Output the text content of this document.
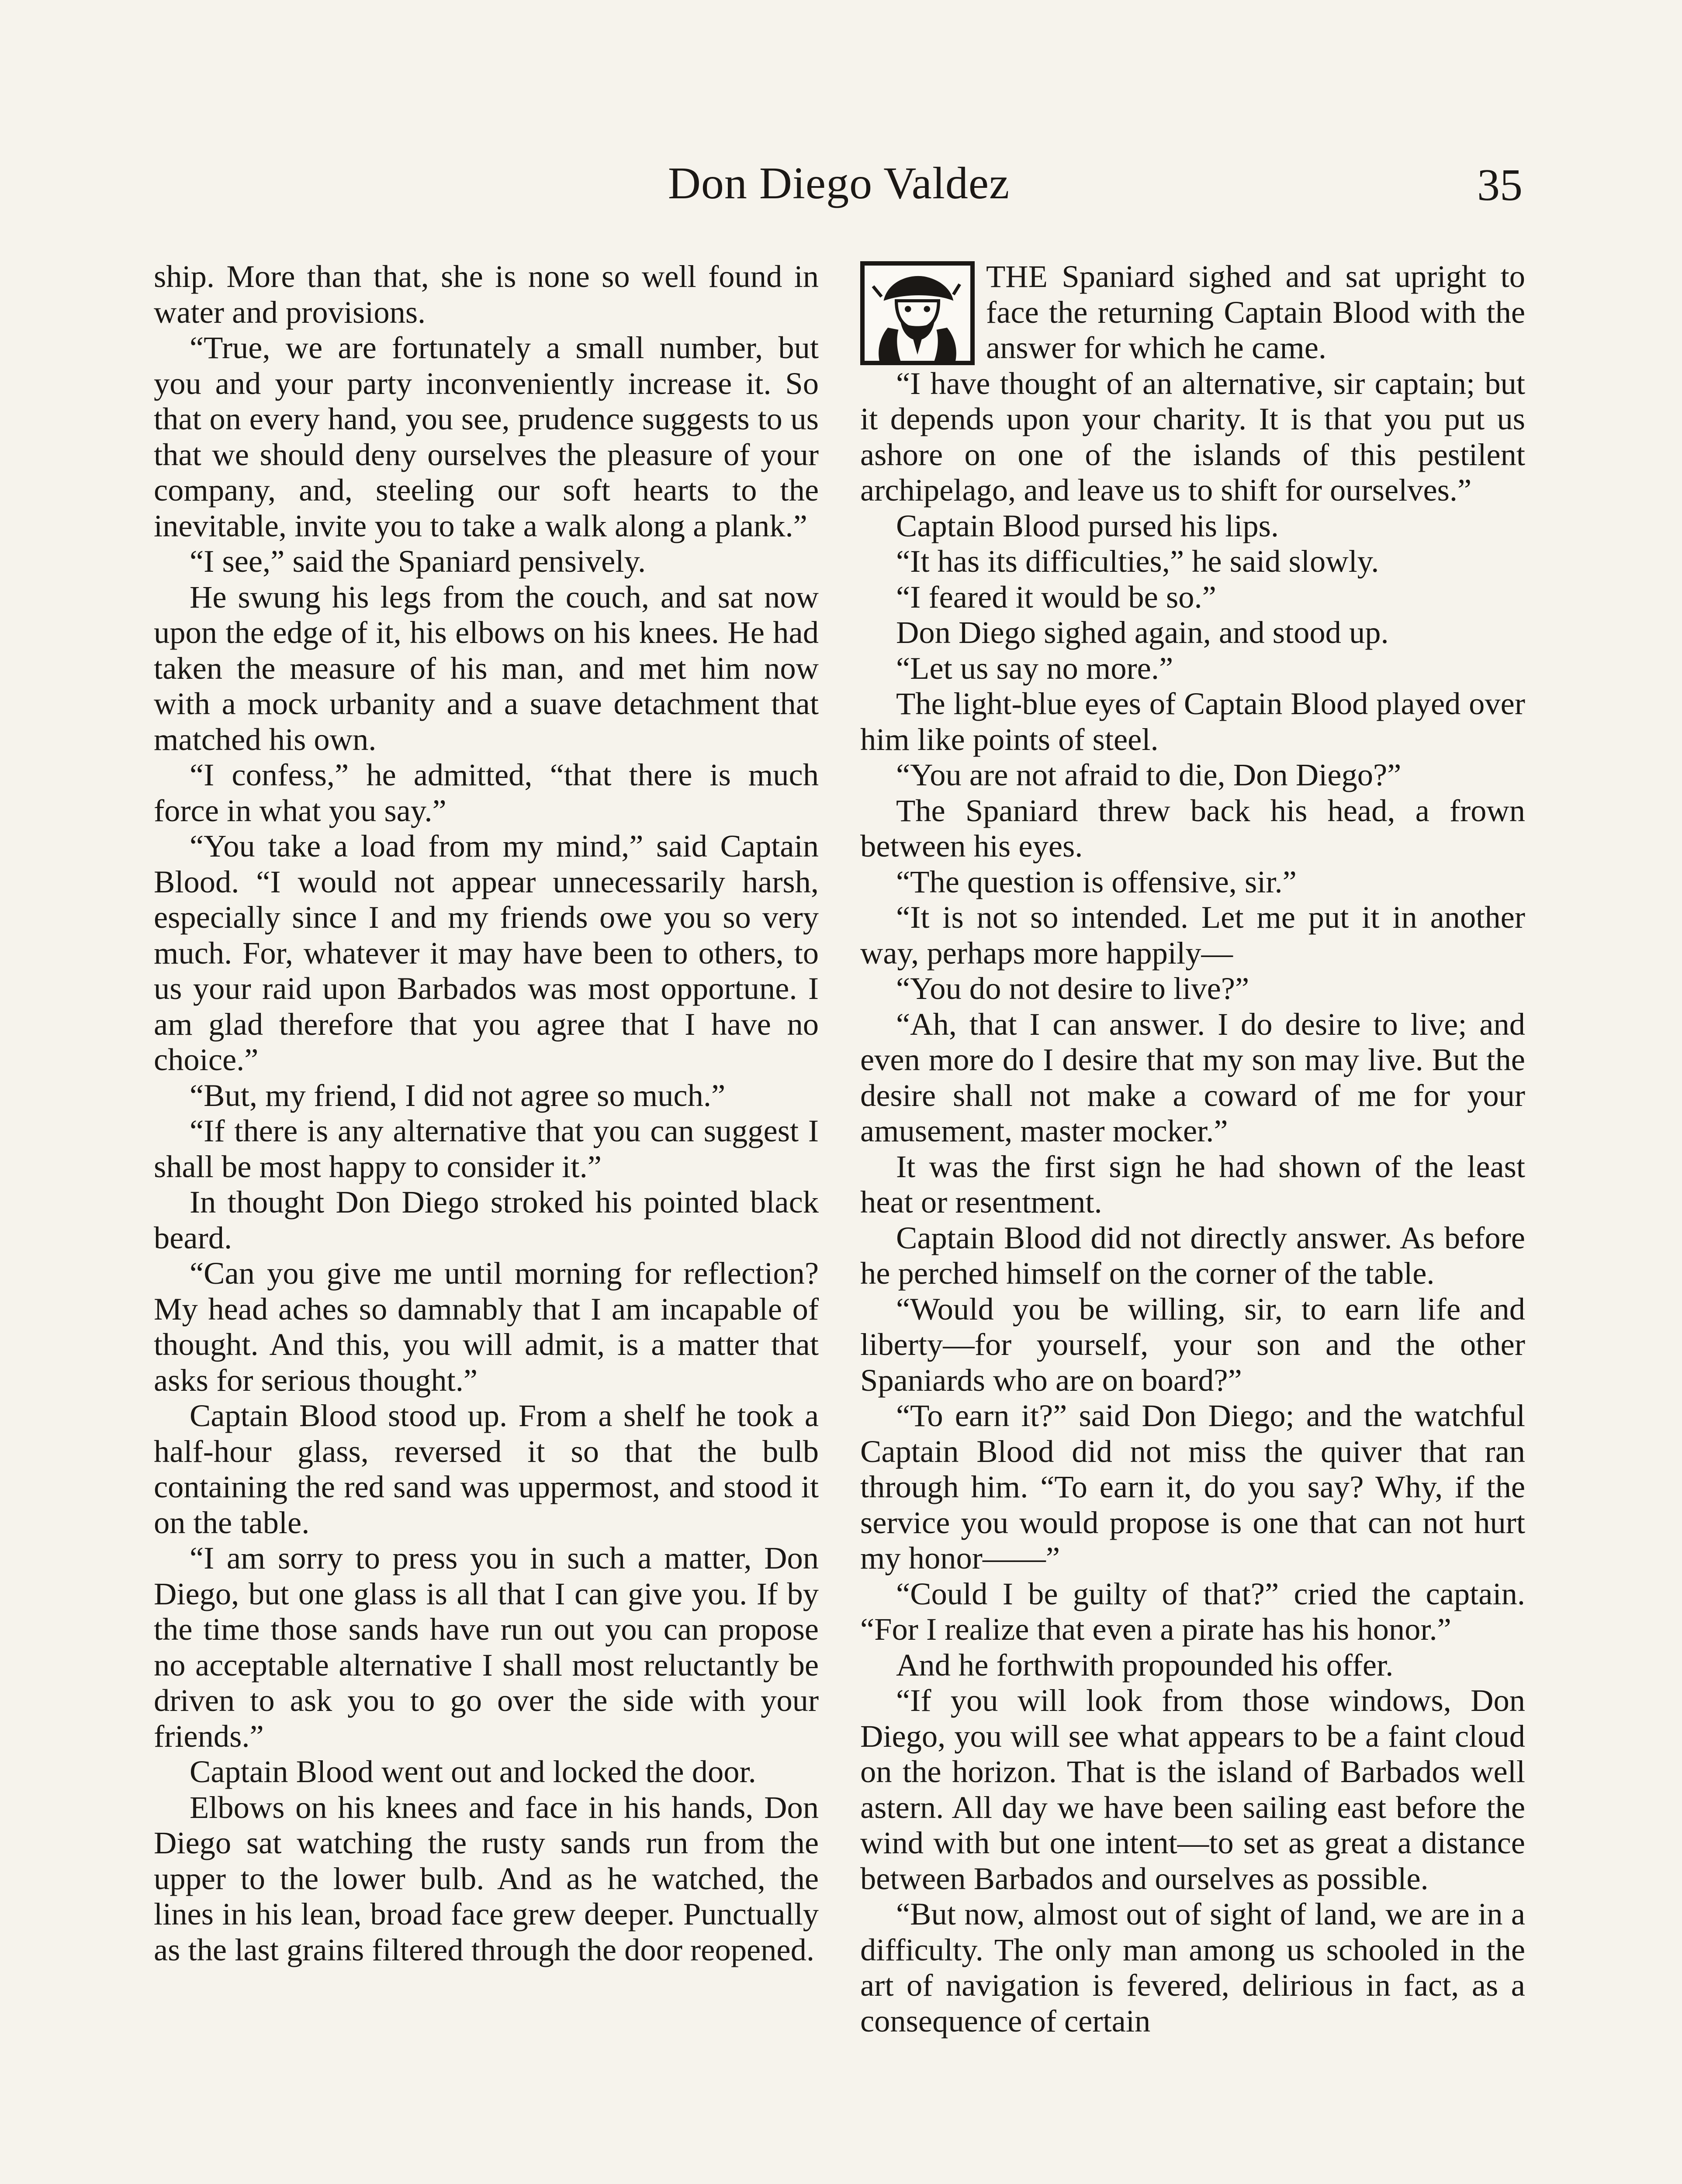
Don Diego Valdez	35

ship. More than that, she is none so well found in water and provisions.

“True, we are fortunately a small number, but you and your party inconveniently increase it. So that on every hand, you see, prudence suggests to us that we should deny ourselves the pleasure of your company, and, steeling our soft hearts to the inevitable, invite you to take a walk along a plank.”

“I see,” said the Spaniard pensively.

He swung his legs from the couch, and sat now upon the edge of it, his elbows on his knees. He had taken the measure of his man, and met him now with a mock urbanity and a suave detachment that matched his own.

“I confess,” he admitted, “that there is much force in what you say.”

“You take a load from my mind,” said Captain Blood. “I would not appear unnecessarily harsh, especially since I and my friends owe you so very much. For, whatever it may have been to others, to us your raid upon Barbados was most opportune. I am glad therefore that you agree that I have no choice.”

“But, my friend, I did not agree so much.”

“If there is any alternative that you can suggest I shall be most happy to consider it.”

In thought Don Diego stroked his pointed black beard.

“Can you give me until morning for reflection? My head aches so damnably that I am incapable of thought. And this, you will admit, is a matter that asks for serious thought.”

Captain Blood stood up. From a shelf he took a half-hour glass, reversed it so that the bulb containing the red sand was uppermost, and stood it on the table.

“I am sorry to press you in such a matter, Don Diego, but one glass is all that I can give you. If by the time those sands have run out you can propose no acceptable alternative I shall most reluctantly be driven to ask you to go over the side with your friends.”

Captain Blood went out and locked the door.

Elbows on his knees and face in his hands, Don Diego sat watching the rusty sands run from the upper to the lower bulb. And as he watched, the lines in his lean, broad face grew deeper. Punctually as the last grains filtered through the door reopened.

THE Spaniard sighed and sat upright to face the returning Captain Blood with the answer for which he came.

“I have thought of an alternative, sir captain; but it depends upon your charity. It is that you put us ashore on one of the islands of this pestilent archipelago, and leave us to shift for ourselves.”

Captain Blood pursed his lips.

“It has its difficulties,” he said slowly.

“I feared it would be so.”

Don Diego sighed again, and stood up.

“Let us say no more.”

The light-blue eyes of Captain Blood played over him like points of steel.

“You are not afraid to die, Don Diego?”

The Spaniard threw back his head, a frown between his eyes.

“The question is offensive, sir.”

“It is not so intended. Let me put it in another way, perhaps more happily—

“You do not desire to live?”

“Ah, that I can answer. I do desire to live; and even more do I desire that my son may live. But the desire shall not make a coward of me for your amusement, master mocker.”

It was the first sign he had shown of the least heat or resentment.

Captain Blood did not directly answer. As before he perched himself on the corner of the table.

“Would you be willing, sir, to earn life and liberty—for yourself, your son and the other Spaniards who are on board?”

“To earn it?” said Don Diego; and the watchful Captain Blood did not miss the quiver that ran through him. “To earn it, do you say? Why, if the service you would propose is one that can not hurt my honor——”

“Could I be guilty of that?” cried the captain. “For I realize that even a pirate has his honor.”

And he forthwith propounded his offer.

“If you will look from those windows, Don Diego, you will see what appears to be a faint cloud on the horizon. That is the island of Barbados well astern. All day we have been sailing east before the wind with but one intent—to set as great a distance between Barbados and ourselves as possible.

“But now, almost out of sight of land, we are in a difficulty. The only man among us schooled in the art of navigation is fevered, delirious in fact, as a consequence of certain
